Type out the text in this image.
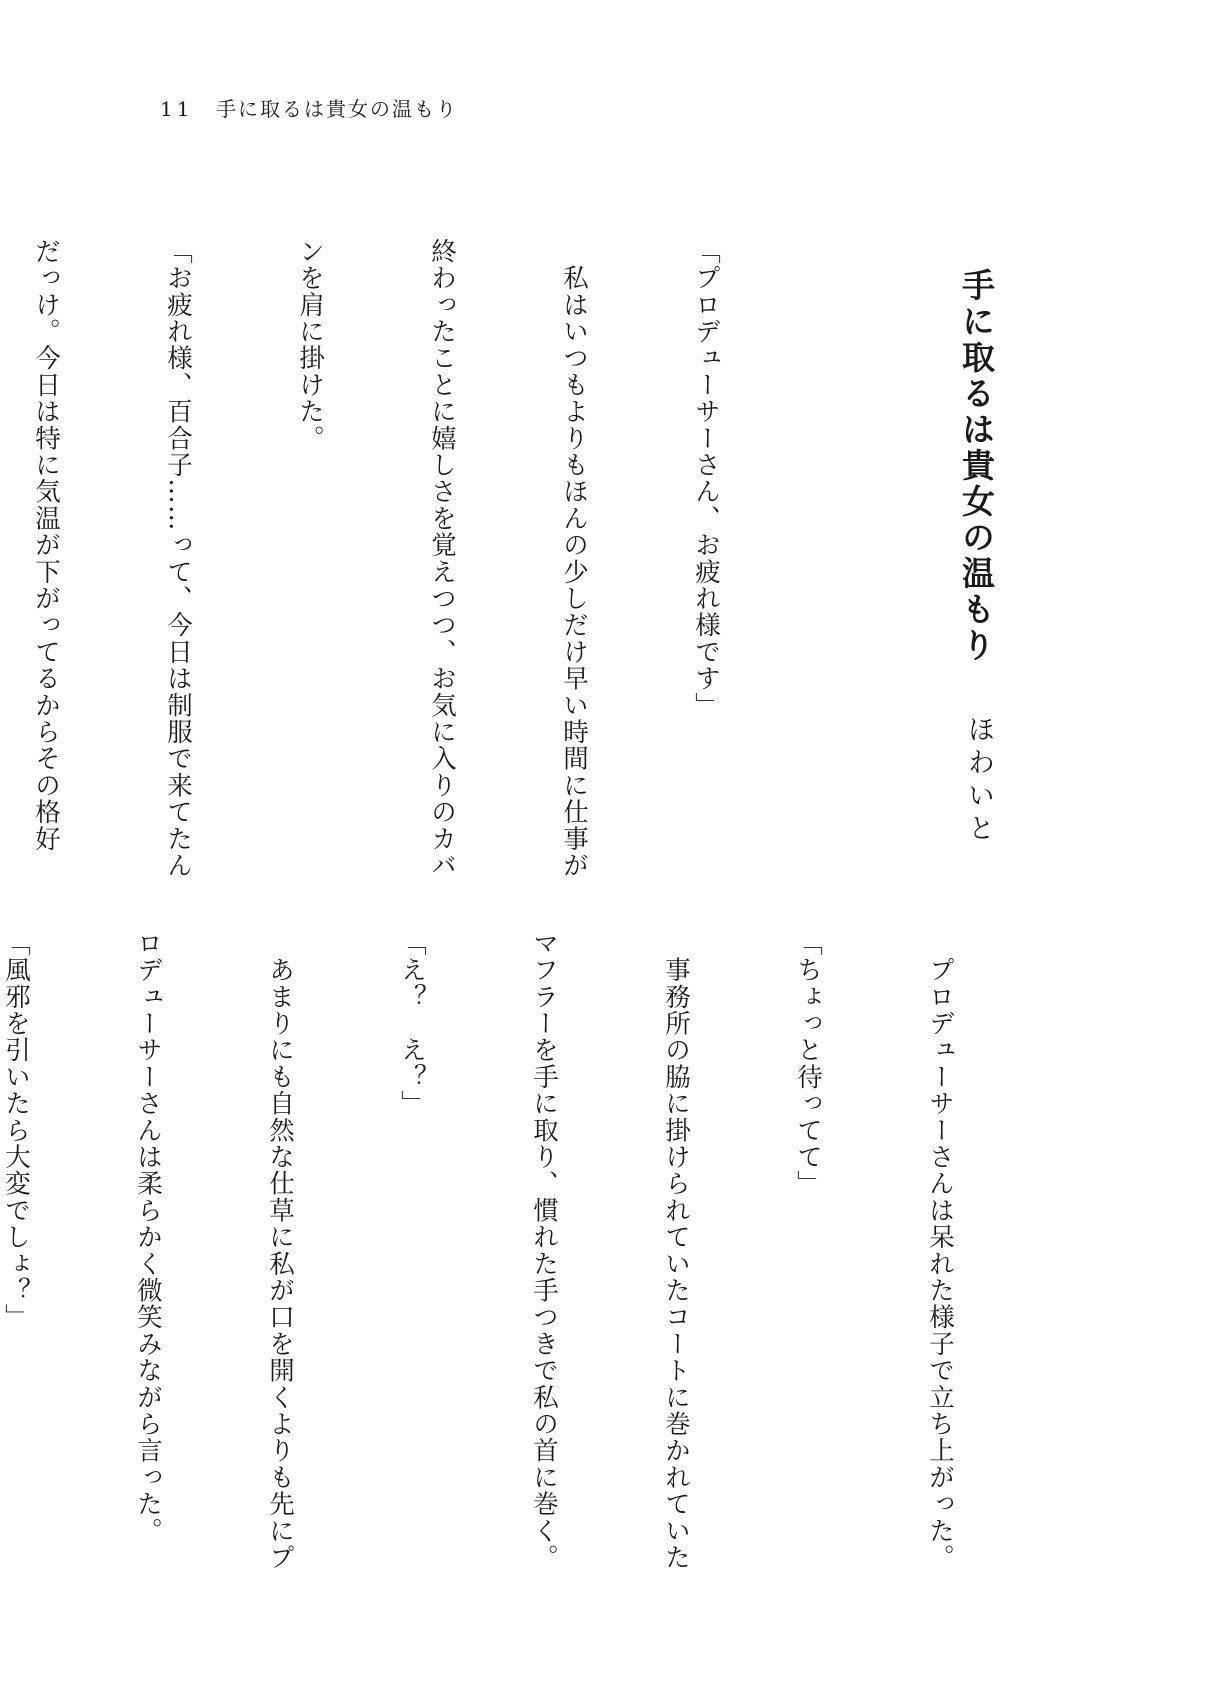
11 手に取るは貴女の温もり
手に取るは貴女の温もり
ほわいと

「プロデューサーさん、お疲れ様です」

　私はいつもよりもほんの少しだけ早い時間に仕事が

終わったことに嬉しさを覚えつつ、お気に入りのカバ

ンを肩に掛けた。

「お疲れ様、百合子……って、今日は制服で来てたん

だっけ。今日は特に気温が下がってるからその格好

　プロデューサーさんは呆れた様子で立ち上がった。

「ちょっと待ってて」

　事務所の脇に掛けられていたコートに巻かれていた

マフラーを手に取り、慣れた手つきで私の首に巻く。

「え？　え？」

　あまりにも自然な仕草に私が口を開くよりも先にプ

ロデューサーさんは柔らかく微笑みながら言った。

「風邪を引いたら大変でしょ？」
